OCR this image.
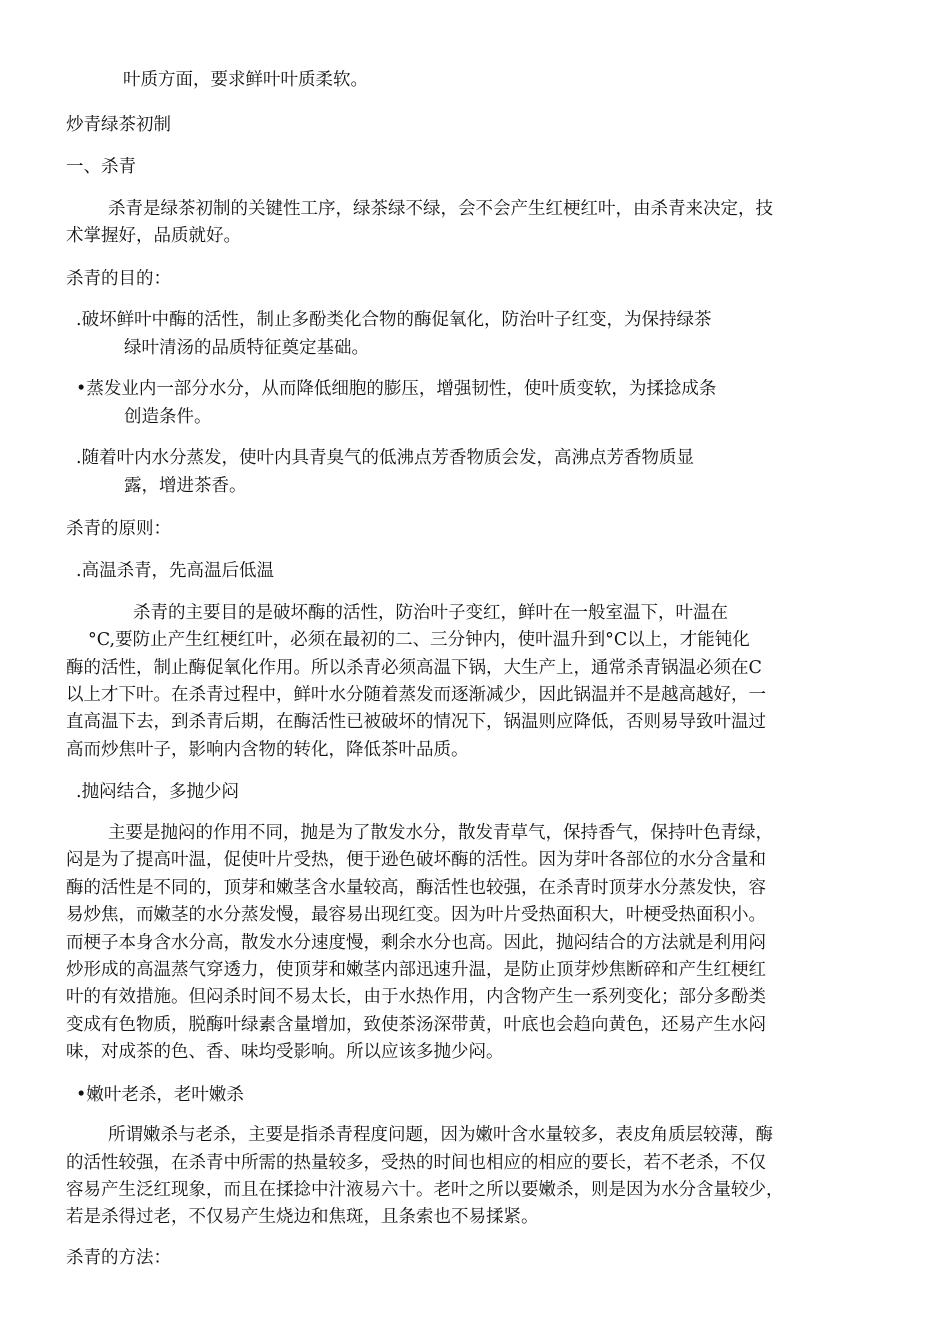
叶质方面，要求鲜叶叶质柔软。

炒青绿茶初制

一、杀青

杀青是绿茶初制的关键性工序，绿茶绿不绿，会不会产生红梗红叶，由杀青来决定，技

术掌握好，品质就好。

杀青的目的：

.破坏鲜叶中酶的活性，制止多酚类化合物的酶促氧化，防治叶子红变，为保持绿茶

绿叶清汤的品质特征奠定基础。

•蒸发业内一部分水分，从而降低细胞的膨压，增强韧性，使叶质变软，为揉捻成条

创造条件。

.随着叶内水分蒸发，使叶内具青臭气的低沸点芳香物质会发，高沸点芳香物质显

露，增进茶香。

杀青的原则：

.高温杀青，先高温后低温

杀青的主要目的是破坏酶的活性，防治叶子变红，鲜叶在一般室温下，叶温在

°C,要防止产生红梗红叶，必须在最初的二、三分钟内，使叶温升到°C以上，才能钝化

酶的活性，制止酶促氧化作用。所以杀青必须高温下锅，大生产上，通常杀青锅温必须在C

以上才下叶。在杀青过程中，鲜叶水分随着蒸发而逐渐减少，因此锅温并不是越高越好，一

直高温下去，到杀青后期，在酶活性已被破坏的情况下，锅温则应降低，否则易导致叶温过

高而炒焦叶子，影响内含物的转化，降低茶叶品质。

.抛闷结合，多抛少闷

主要是抛闷的作用不同，抛是为了散发水分，散发青草气，保持香气，保持叶色青绿，

闷是为了提高叶温，促使叶片受热，便于逊色破坏酶的活性。因为芽叶各部位的水分含量和

酶的活性是不同的，顶芽和嫩茎含水量较高，酶活性也较强，在杀青时顶芽水分蒸发快，容

易炒焦，而嫩茎的水分蒸发慢，最容易出现红变。因为叶片受热面积大，叶梗受热面积小。

而梗子本身含水分高，散发水分速度慢，剩余水分也高。因此，抛闷结合的方法就是利用闷

炒形成的高温蒸气穿透力，使顶芽和嫩茎内部迅速升温，是防止顶芽炒焦断碎和产生红梗红

叶的有效措施。但闷杀时间不易太长，由于水热作用，内含物产生一系列变化；部分多酚类

变成有色物质，脱酶叶绿素含量增加，致使茶汤深带黄，叶底也会趋向黄色，还易产生水闷

味，对成茶的色、香、味均受影响。所以应该多抛少闷。

•嫩叶老杀，老叶嫩杀

所谓嫩杀与老杀，主要是指杀青程度问题，因为嫩叶含水量较多，表皮角质层较薄，酶

的活性较强，在杀青中所需的热量较多，受热的时间也相应的相应的要长，若不老杀，不仅

容易产生泛红现象，而且在揉捻中汁液易六十。老叶之所以要嫩杀，则是因为水分含量较少，

若是杀得过老，不仅易产生烧边和焦斑，且条索也不易揉紧。

杀青的方法：
